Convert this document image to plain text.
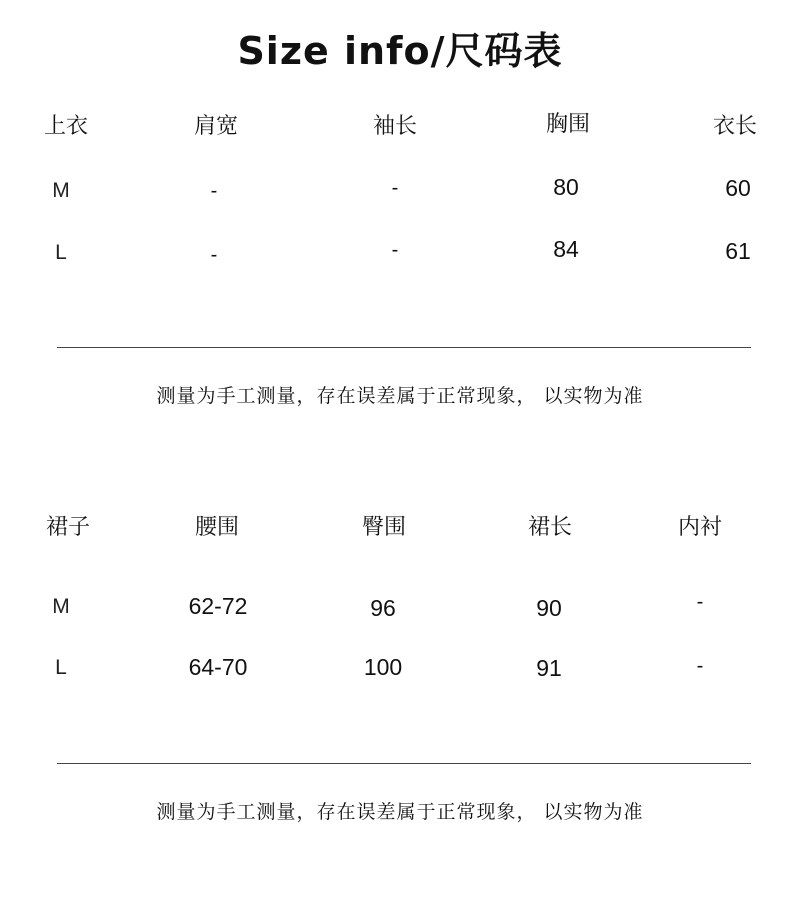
Size info/尺码表
上衣	肩宽	袖长	胸围	衣长
M	-	-	80	60
L	-	-	84	61
测量为手工测量，存在误差属于正常现象， 以实物为准
裙子	腰围	臀围	裙长	内衬
M	62-72	96	90	-
L	64-70	100	91	-
测量为手工测量，存在误差属于正常现象， 以实物为准
